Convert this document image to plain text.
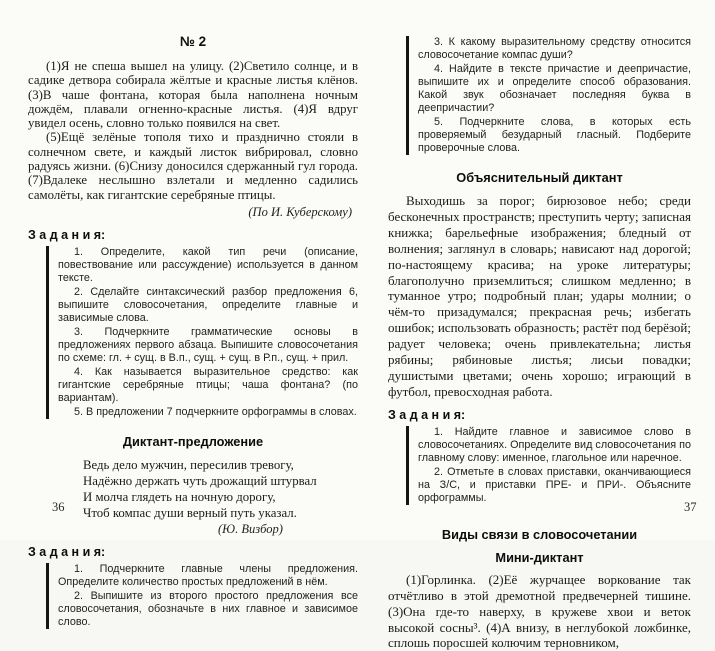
№ 2

(1)Я не спеша вышел на улицу. (2)Светило солнце, и в садике детвора собирала жёлтые и красные листья клёнов. (3)В чаше фонтана, которая была наполнена ночным дождём, плавали огненно-красные листья. (4)Я вдруг увидел осень, словно только появился на свет.

(5)Ещё зелёные тополя тихо и празднично стояли в солнечном свете, и каждый листок вибрировал, словно радуясь жизни. (6)Снизу доносился сдержанный гул города. (7)Вдалеке неслышно взлетали и медленно садились самолёты, как гигантские серебряные птицы.

(По И. Куберскому)
З а д а н и я:

1. Определите, какой тип речи (описание, повествование или рассуждение) используется в данном тексте.

2. Сделайте синтаксический разбор предложения 6, выпишите словосочетания, определите главные и зависимые слова.

3. Подчеркните грамматические основы в предложениях первого абзаца. Выпишите словосочетания по схеме: гл. + сущ. в В.п., сущ. + сущ. в Р.п., сущ. + прил.

4. Как называется выразительное средство: как гигантские серебряные птицы; чаша фонтана? (по вариантам).

5. В предложении 7 подчеркните орфограммы в словах.

Диктант-предложение

Ведь дело мужчин, пересилив тревогу,

Надёжно держать чуть дрожащий штурвал

И молча глядеть на ночную дорогу,

Чтоб компас души верный путь указал.

(Ю. Визбор)
З а д а н и я:

1. Подчеркните главные члены предложения. Определите количество простых предложений в нём.

2. Выпишите из второго простого предложения все словосочетания, обозначьте в них главное и зависимое слово.

3. К какому выразительному средству относится словосочетание компас души?

4. Найдите в тексте причастие и деепричастие, выпишите их и определите способ образования. Какой звук обозначает последняя буква в деепричастии?

5. Подчеркните слова, в которых есть проверяемый безударный гласный. Подберите проверочные слова.

Объяснительный диктант

Выходишь за порог; бирюзовое небо; среди бесконечных пространств; преступить черту; записная книжка; барельефные изображения; бледный от волнения; заглянул в словарь; нависают над дорогой; по-настоящему красива; на уроке литературы; благополучно приземлиться; слишком медленно; в туманное утро; подробный план; удары молнии; о чём-то призадумался; прекрасная речь; избегать ошибок; использовать образность; растёт под берёзой; радует человека; очень привлекательна; листья рябины; рябиновые листья; лисьи повадки; душистыми цветами; очень хорошо; играющий в футбол, превосходная работа.

З а д а н и я:

1. Найдите главное и зависимое слово в словосочетаниях. Определите вид словосочетания по главному слову: именное, глагольное или наречное.

2. Отметьте в словах приставки, оканчивающиеся на З/С, и приставки ПРЕ- и ПРИ-. Объясните орфограммы.

Виды связи в словосочетании
Мини-диктант

(1)Горлинка. (2)Её журчащее воркование так отчётливо в этой дремотной предвечерней тишине. (3)Она где-то наверху, в кружеве хвои и веток высокой сосны³. (4)А внизу, в неглубокой ложбинке, сплошь поросшей колючим терновником,

36	37
